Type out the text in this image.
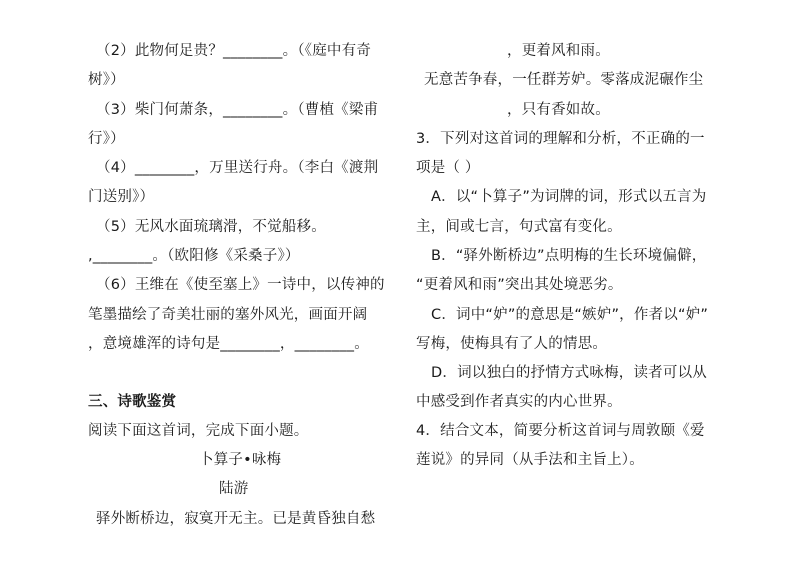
（2）此物何足贵？________。（《庭中有奇
树》）
（3）柴门何萧条，________。（曹植《梁甫
行》）
（4）________，万里送行舟。（李白《渡荆
门送别》）
（5）无风水面琉璃滑，不觉船移。
,________。（欧阳修《采桑子》）
（6）王维在《使至塞上》一诗中，以传神的
笔墨描绘了奇美壮丽的塞外风光，画面开阔
，意境雄浑的诗句是________，________。
三、诗歌鉴赏
阅读下面这首词，完成下面小题。
卜算子•咏梅
陆游
驿外断桥边，寂寞开无主。已是黄昏独自愁
，更着风和雨。
无意苦争春，一任群芳妒。零落成泥碾作尘
，只有香如故。
3．下列对这首词的理解和分析，不正确的一
项是（ ）
A．以“卜算子”为词牌的词，形式以五言为
主，间或七言，句式富有变化。
B．“驿外断桥边”点明梅的生长环境偏僻，
“更着风和雨”突出其处境恶劣。
C．词中“妒”的意思是“嫉妒”，作者以“妒”
写梅，使梅具有了人的情思。
D．词以独白的抒情方式咏梅，读者可以从
中感受到作者真实的内心世界。
4．结合文本，简要分析这首词与周敦颐《爱
莲说》的异同（从手法和主旨上）。
